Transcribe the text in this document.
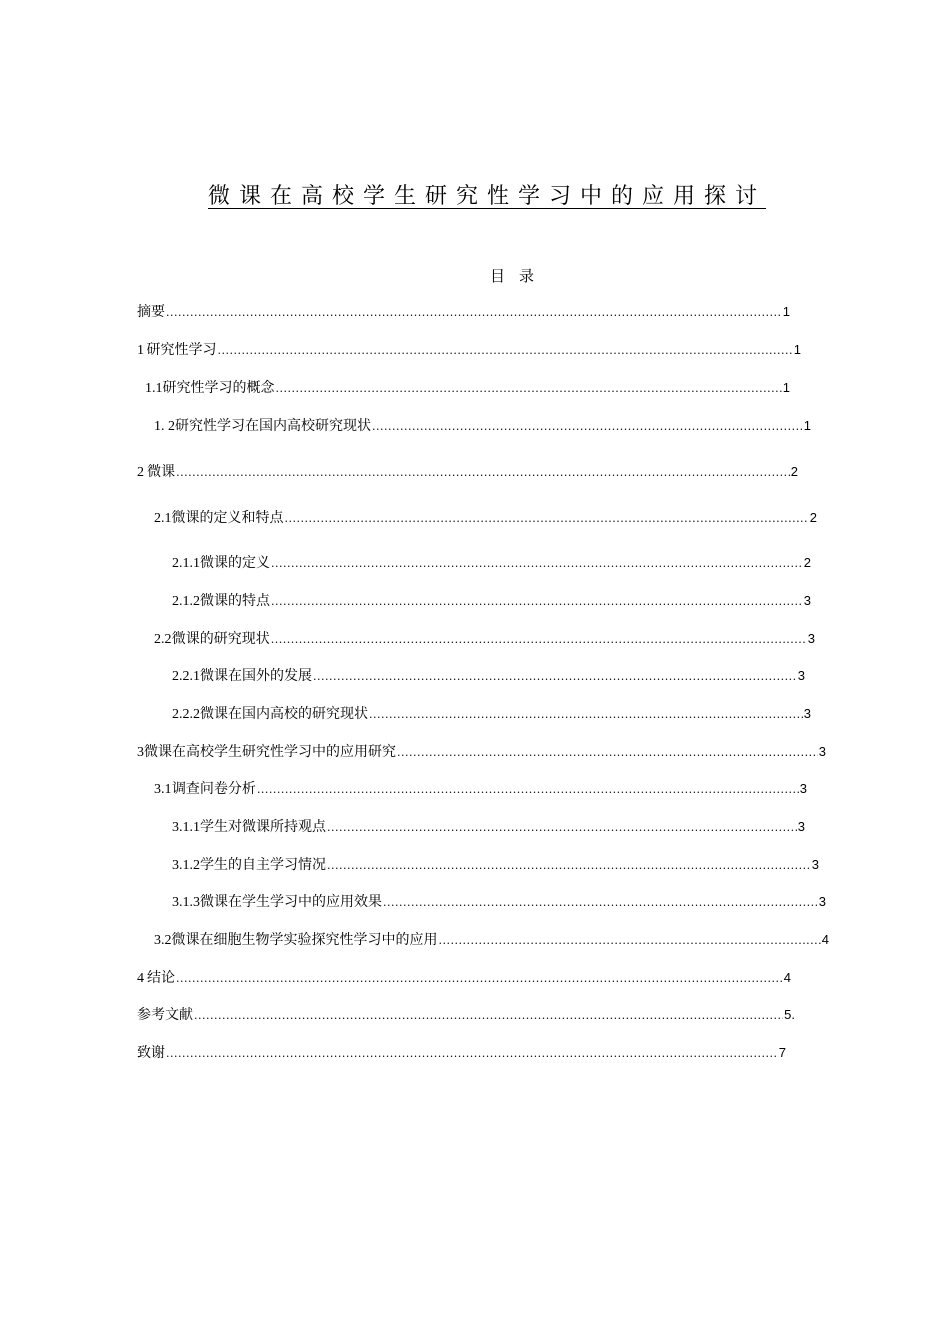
微课在高校学生研究性学习中的应用探讨
目录
摘要 .....	1
1 研究性学习 .....	1
1.1 研究性学习的概念 .....	1
1. 2 研究性学习在国内高校研究现状 .....	1
2 微课 .....	2
2.1 微课的定义和特点 .....	2
2.1.1 微课的定义 .....	2
2.1.2 微课的特点 .....	3
2.2 微课的研究现状 .....	3
2.2.1 微课在国外的发展 .....	3
2.2.2 微课在国内高校的研究现状 .....	3
3 微课在高校学生研究性学习中的应用研究 .....	3
3.1 调查问卷分析 .....	3
3.1.1 学生对微课所持观点 .....	3
3.1.2 学生的自主学习情况 .....	3
3.1.3 微课在学生学习中的应用效果 .....	3
3.2 微课在细胞生物学实验探究性学习中的应用 .....	4
4 结论 .....	4
参考文献 .....	5.
致谢 .....	7
